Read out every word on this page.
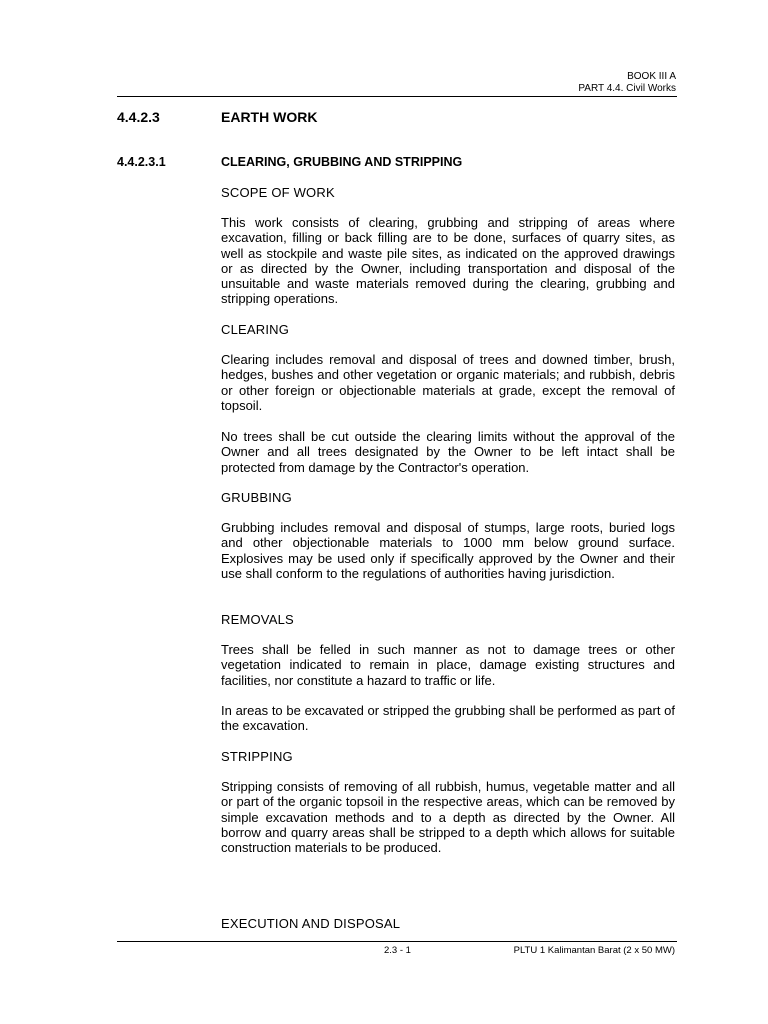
BOOK III A
PART 4.4. Civil Works
4.4.2.3	EARTH WORK
4.4.2.3.1	CLEARING, GRUBBING AND STRIPPING
SCOPE OF WORK
This work consists of clearing, grubbing and stripping of areas where excavation, filling or back filling are to be done, surfaces of quarry sites, as well as stockpile and waste pile sites, as indicated on the approved drawings or as directed by the Owner, including transportation and disposal of the unsuitable and waste materials removed during the clearing, grubbing and stripping operations.
CLEARING
Clearing includes removal and disposal of trees and downed timber, brush, hedges, bushes and other vegetation or organic materials; and rubbish, debris or other foreign or objectionable materials at grade, except the removal of topsoil.
No trees shall be cut outside the clearing limits without the approval of the Owner and all trees designated by the Owner to be left intact shall be protected from damage by the Contractor's operation.
GRUBBING
Grubbing includes removal and disposal of stumps, large roots, buried logs and other objectionable materials to 1000 mm below ground surface. Explosives may be used only if specifically approved by the Owner and their use shall conform to the regulations of authorities having jurisdiction.
REMOVALS
Trees shall be felled in such manner as not to damage trees or other vegetation indicated to remain in place, damage existing structures and facilities, nor constitute a hazard to traffic or life.
In areas to be excavated or stripped the grubbing shall be performed as part of the excavation.
STRIPPING
Stripping consists of removing of all rubbish, humus, vegetable matter and all or part of the organic topsoil in the respective areas, which can be removed by simple excavation methods and to a depth as directed by the Owner. All borrow and quarry areas shall be stripped to a depth which allows for suitable construction materials to be produced.
EXECUTION AND DISPOSAL
2.3 - 1	PLTU 1 Kalimantan Barat (2 x 50 MW)
